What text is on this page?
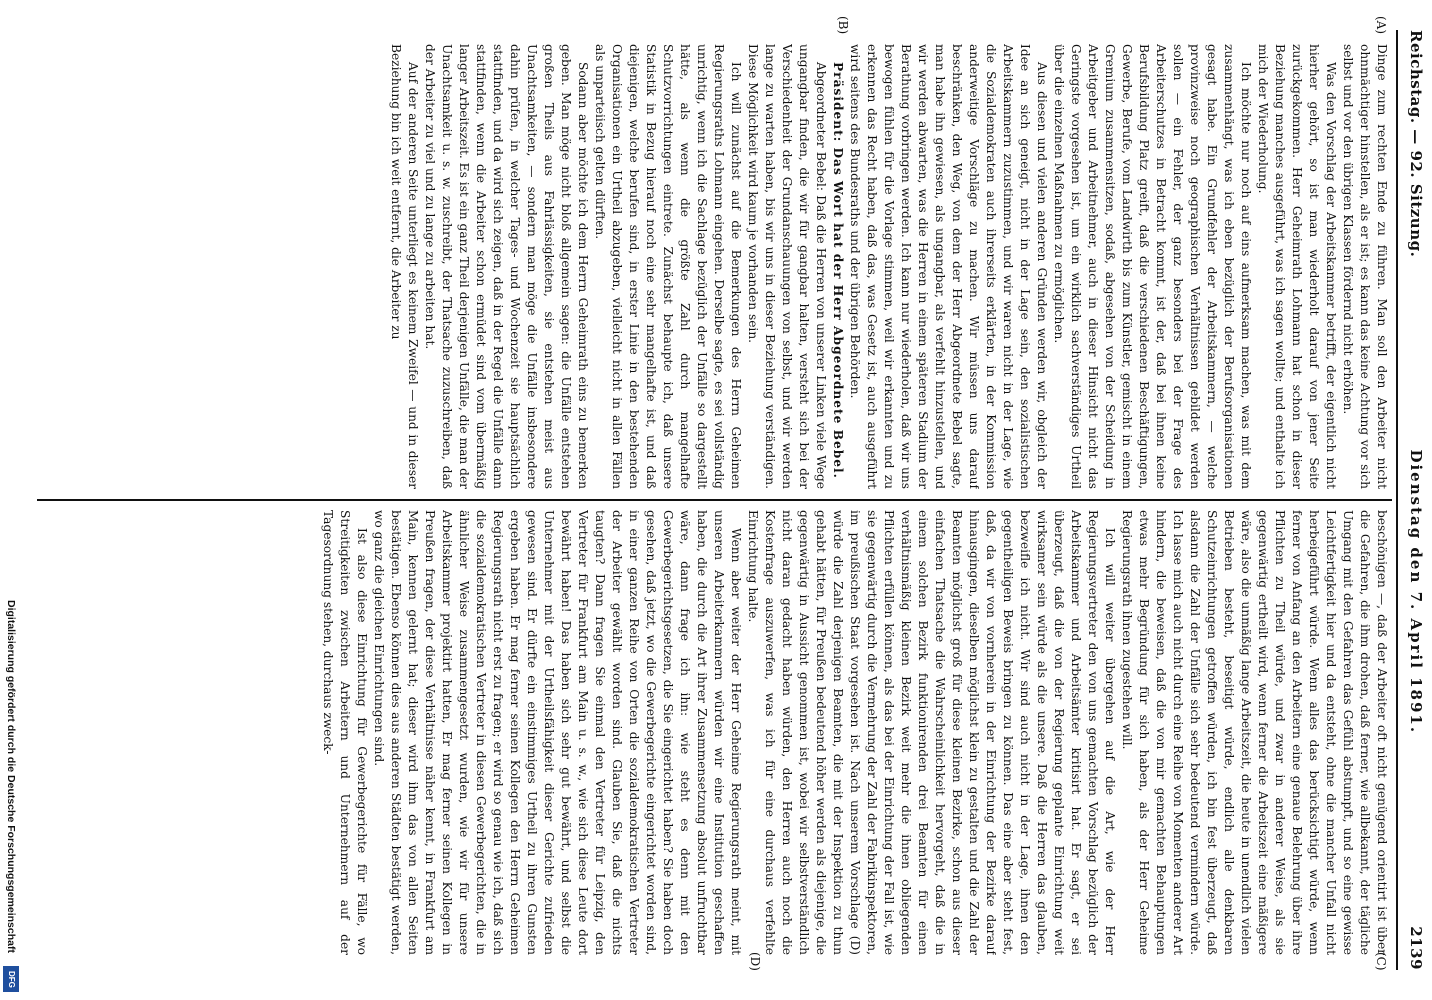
Reichstag. — 92. Sitzung.
Dienstag den 7. April 1891.
2139
(A)
(B)
(C)
(D)

Dinge zum rechten Ende zu führen. Man soll den Arbeiter nicht ohnmächtiger hinstellen, als er ist; es kann das keine Achtung vor sich selbst und vor den übrigen Klassen fördernd nicht erhöhen.

Was den Vorschlag der Arbeitskammer betrifft, der eigentlich nicht hierher gehört, so ist man wiederholt darauf von jener Seite zurückgekommen. Herr Geheimrath Lohmann hat schon in dieser Beziehung manches ausgeführt, was ich sagen wollte; und enthalte ich mich der Wiederholung.

Ich möchte nur noch auf eins aufmerksam machen, was mit dem zusammenhängt, was ich eben bezüglich der Berufsorganisationen gesagt habe. Ein Grundfehler der Arbeitskammern, — welche provinzweise noch geographischen Verhältnissen gebildet werden sollen — ein Fehler, der ganz besonders bei der Frage des Arbeiterschutzes in Betracht kommt, ist der, daß bei ihnen keine Berufsbildung Platz greift, daß die verschiedenen Beschäftigungen, Gewerbe, Berufe, vom Landwirth bis zum Künstler, gemischt in einem Gremium zusammensitzen, sodaß, abgesehen von der Scheidung in Arbeitgeber und Arbeitnehmer, auch in dieser Hinsicht nicht das Geringste vorgesehen ist, um ein wirklich sachverständiges Urtheil über die einzelnen Maßnahmen zu ermöglichen.

Aus diesen und vielen anderen Gründen werden wir, obgleich der Idee an sich geneigt, nicht in der Lage sein, den sozialistischen Arbeitskammern zuzustimmen, und wir waren nicht in der Lage, wie die Sozialdemokraten auch ihrerseits erklärten, in der Kommission anderweitige Vorschläge zu machen. Wir müssen uns darauf beschränken, den Weg, von dem der Herr Abgeordnete Bebel sagte, man habe ihn gewiesen, als ungangbar, als verfehlt hinzustellen, und wir werden abwarten, was die Herren in einem späteren Stadium der Berathung vorbringen werden. Ich kann nur wiederholen, daß wir uns bewogen fühlen für die Vorlage stimmen, weil wir erkannten und zu erkennen das Recht haben, daß das, was Gesetz ist, auch ausgeführt wird seitens des Bundesraths und der übrigen Behörden.

Präsident: Das Wort hat der Herr Abgeordnete Bebel.

Abgeordneter Bebel: Daß die Herren von unserer Linken viele Wege ungangbar finden, die wir für gangbar halten, versteht sich bei der Verschiedenheit der Grundanschauungen von selbst, und wir werden lange zu warten haben, bis wir uns in dieser Beziehung verständigen. Diese Möglichkeit wird kaum je vorhanden sein.

Ich will zunächst auf die Bemerkungen des Herrn Geheimen Regierungsraths Lohmann eingehen. Derselbe sagte, es sei vollständig unrichtig, wenn ich die Sachlage bezüglich der Unfälle so dargestellt hätte, als wenn die größte Zahl durch mangelhafte Schutzvorrichtungen eintrete. Zunächst behaupte ich, daß unsere Statistik in Bezug hierauf noch eine sehr mangelhafte ist, und daß diejenigen, welche berufen sind, in erster Linie in den bestehenden Organisationen ein Urtheil abzugeben, vielleicht nicht in allen Fällen als unparteiisch gelten dürften.

Sodann aber möchte ich dem Herrn Geheimrath eins zu bemerken geben. Man möge nicht bloß allgemein sagen: die Unfälle entstehen großen Theils aus Fahrlässigkeiten, sie entstehen meist aus Unachtsamkeiten, — sondern man möge die Unfälle insbesondere dahin prüfen, in welcher Tages- und Wochenzeit sie hauptsächlich stattfinden, und da wird sich zeigen, daß in der Regel die Unfälle dann stattfinden, wenn die Arbeiter schon ermüdet sind vom übermäßig langer Arbeitszeit. Es ist ein ganz Theil derjenigen Unfälle, die man der Unachtsamkeit u. s. w. zuschreibt, der Thatsache zuzuschreiben, daß der Arbeiter zu viel und zu lange zu arbeiten hat.

Auf der anderen Seite unterliegt es keinem Zweifel — und in dieser Beziehung bin ich weit entfernt, die Arbeiter zu

beschönigen —, daß der Arbeiter oft nicht genügend orientirt ist über die Gefahren, die ihm drohen, daß ferner, wie allbekannt, der tägliche Umgang mit den Gefahren das Gefühl abstumpft, und so eine gewisse Leichtfertigkeit hier und da entsteht, ohne die mancher Unfall nicht herbeigeführt würde. Wenn alles das berücksichtigt würde, wenn ferner von Anfang an den Arbeitern eine genaue Belehrung über ihre Pflichten zu Theil würde, und zwar in anderer Weise, als sie gegenwärtig ertheilt wird, wenn ferner die Arbeitszeit eine mäßigere wäre, also die unmäßig lange Arbeitszeit, die heute in unendlich vielen Betrieben besteht, beseitigt würde, endlich alle denkbaren Schutzeinrichtungen getroffen würden, ich bin fest überzeugt, daß alsdann die Zahl der Unfälle sich sehr bedeutend vermindern würde. Ich lasse mich auch nicht durch eine Reihe von Momenten anderer Art hindern, die beweisen, daß die von mir gemachten Behauptungen etwas mehr Begründung für sich haben, als der Herr Geheime Regierungsrath ihnen zugestehen will.

Ich will weiter übergehen auf die Art, wie der Herr Regierungsvertreter den von uns gemachten Vorschlag bezüglich der Arbeitskammer und Arbeitsämter kritisirt hat. Er sagt, er sei überzeugt, daß die von der Regierung geplante Einrichtung weit wirksamer sein würde als die unsere. Daß die Herren das glauben, bezweifle ich nicht. Wir sind auch nicht in der Lage, ihnen den gegentheiligen Beweis bringen zu können. Das eine aber steht fest, daß, da wir von vornherein in der Einrichtung der Bezirke darauf hinausgingen, dieselben möglichst klein zu gestalten und die Zahl der Beamten möglichst groß für diese kleinen Bezirke, schon aus dieser einfachen Thatsache die Wahrscheinlichkeit hervorgeht, daß die in einem solchen Bezirk funktionirenden drei Beamten für einen verhältnismäßig kleinen Bezirk weit mehr die ihnen obliegenden Pflichten erfüllen können, als das bei der Einrichtung der Fall ist, wie sie gegenwärtig durch die Vermehrung der Zahl der Fabrikinspektoren, im preußischen Staat vorgesehen ist. Nach unserem Vorschlage (D) würde die Zahl derjenigen Beamten, die mit der Inspektion zu thun gehabt hätten, für Preußen bedeutend höher werden als diejenige, die gegenwärtig in Aussicht genommen ist, wobei wir selbstverständlich nicht daran gedacht haben würden, den Herren auch noch die Kostenfrage auszuwerfen, was ich für eine durchaus verfehlte Einrichtung halte.

Wenn aber weiter der Herr Geheime Regierungsrath meint, mit unseren Arbeiterkammern würden wir eine Institution geschaffen haben, die durch die Art ihrer Zusammensetzung absolut unfruchtbar wäre, dann frage ich ihn: wie steht es denn mit den Gewerbegerichtsgesetzen, die Sie eingerichtet haben? Sie haben doch gesehen, daß jetzt, wo die Gewerbegerichte eingerichtet worden sind, in einer ganzen Reihe von Orten die sozialdemokratischen Vertreter der Arbeiter gewählt worden sind. Glauben Sie, daß die nichts taugten? Dann fragen Sie einmal den Vertreter für Leipzig, den Vertreter für Frankfurt am Main u. s. w., wie sich diese Leute dort bewährt haben! Das haben sich sehr gut bewährt, und selbst die Unternehmer mit der Urtheilsfähigkeit dieser Gerichte zufrieden gewesen sind. Er dürfte ein einstimmiges Urtheil zu ihren Gunsten ergeben haben. Er mag ferner seinen Kollegen den Herrn Geheimen Regierungsrath nicht erst zu fragen; er wird so genau wie ich, daß sich die sozialdemokratischen Vertreter in diesen Gewerbegerichten, die in ähnlicher Weise zusammengesetzt wurden, wie wir für unsere Arbeitskammer projektirt hatten, Er mag ferner seinen Kollegen in Preußen fragen, der diese Verhältnisse näher kennt, in Frankfurt am Main, kennen gelernt hat; dieser wird ihm das von allen Seiten bestätigen. Ebenso können dies aus anderen Städten bestätigt werden, wo ganz die gleichen Einrichtungen sind.

Ist also diese Einrichtung für Gewerbegerichte für Fälle, wo Streitigkeiten zwischen Arbeitern und Unternehmern auf der Tagesordnung stehen, durchaus zweck-

Digitalisierung gefördert durch die Deutsche Forschungsgemeinschaft
DFG
